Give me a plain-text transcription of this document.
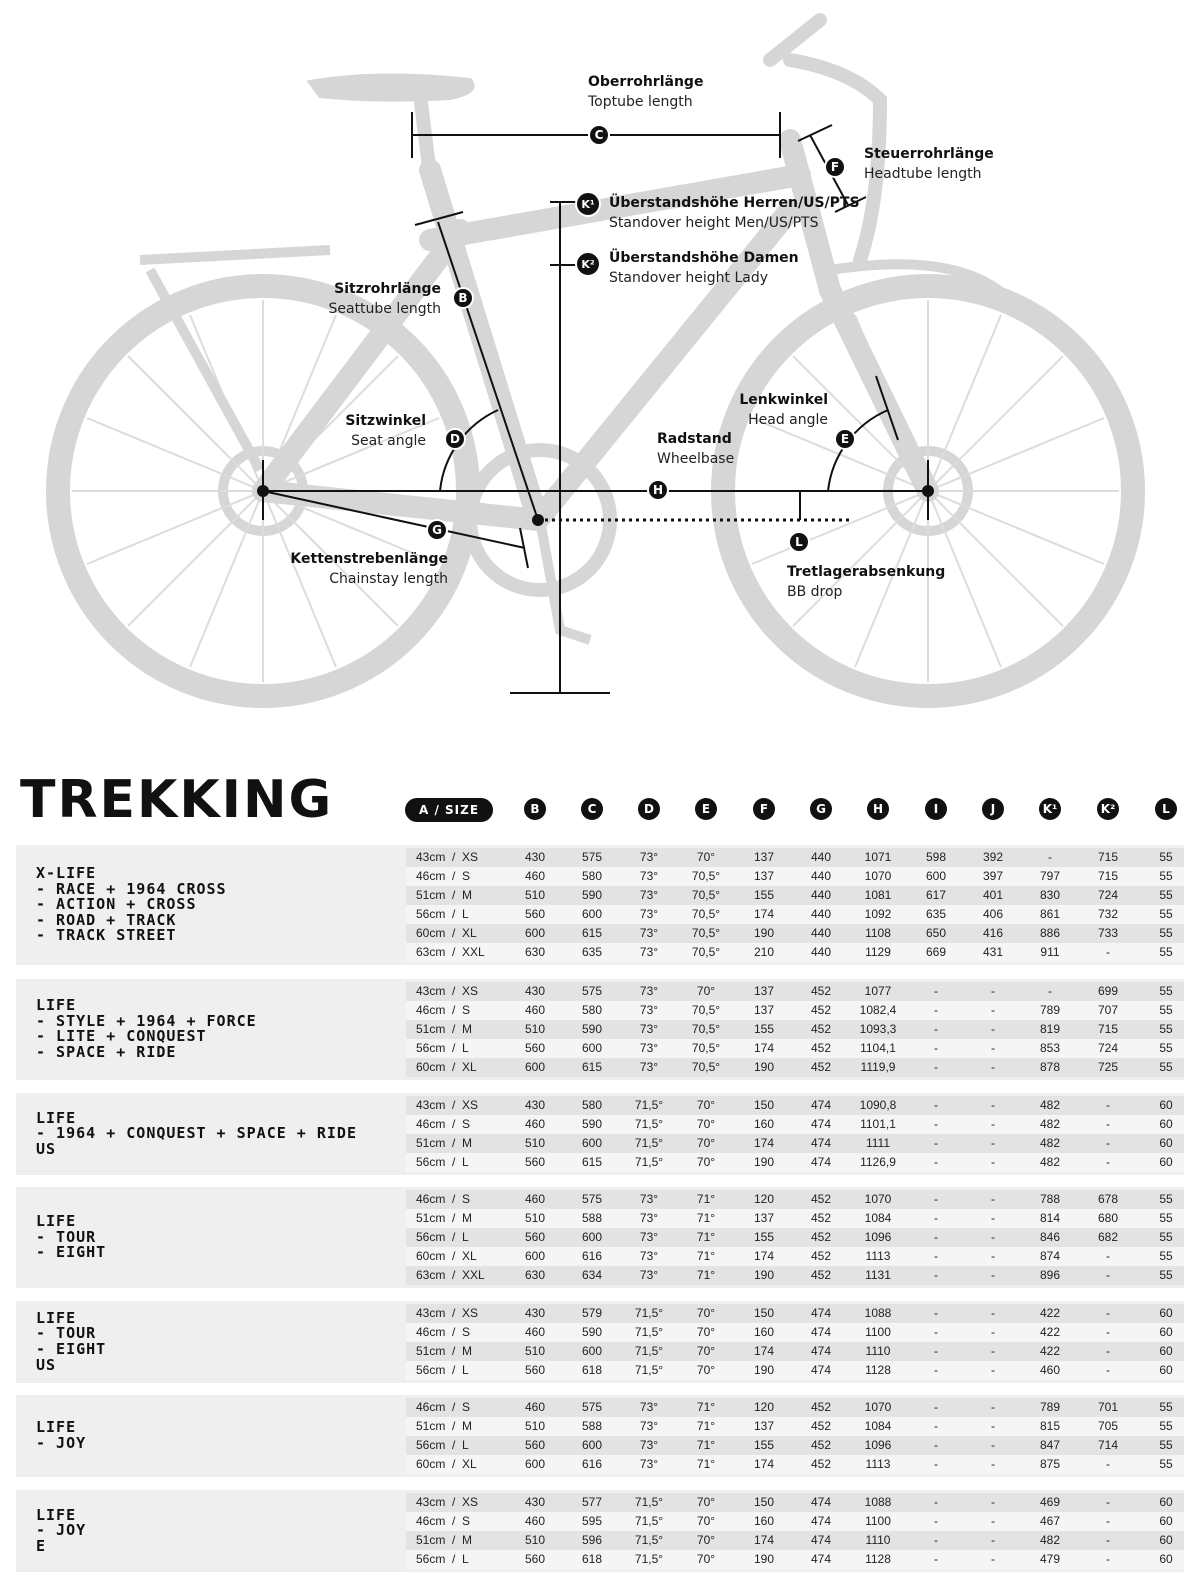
C
F
K¹
K²
B
D	E
H
G
L
Oberrohrlänge
Toptube length
Steuerrohrlänge
Headtube length
Überstandshöhe Herren/US/PTS
Standover height Men/US/PTS
Überstandshöhe Damen
Standover height Lady
Sitzrohrlänge
Seattube length
Sitzwinkel
Seat angle
Lenkwinkel
Head angle
Radstand
Wheelbase
Kettenstrebenlänge
Chainstay length	Tretlagerabsenkung
BB drop
TREKKING	A / SIZE	B	C	D	E	F	G	H	I	J	K¹	K²	L
X-LIFE
- RACE + 1964 CROSS
- ACTION + CROSS
- ROAD + TRACK
- TRACK STREET
43cm  /  XS	430	575	73°	70°	137	440	1071	598	392	-	715	55
46cm  /  S	460	580	73°	70,5°	137	440	1070	600	397	797	715	55
51cm  /  M	510	590	73°	70,5°	155	440	1081	617	401	830	724	55
56cm  /  L	560	600	73°	70,5°	174	440	1092	635	406	861	732	55
60cm  /  XL	600	615	73°	70,5°	190	440	1108	650	416	886	733	55
63cm  /  XXL	630	635	73°	70,5°	210	440	1129	669	431	911	-	55
LIFE
- STYLE + 1964 + FORCE
- LITE + CONQUEST
- SPACE + RIDE
43cm  /  XS	430	575	73°	70°	137	452	1077	-	-	-	699	55
46cm  /  S	460	580	73°	70,5°	137	452	1082,4	-	-	789	707	55
51cm  /  M	510	590	73°	70,5°	155	452	1093,3	-	-	819	715	55
56cm  /  L	560	600	73°	70,5°	174	452	1104,1	-	-	853	724	55
60cm  /  XL	600	615	73°	70,5°	190	452	1119,9	-	-	878	725	55
LIFE
- 1964 + CONQUEST + SPACE + RIDE
US
43cm  /  XS	430	580	71,5°	70°	150	474	1090,8	-	-	482	-	60
46cm  /  S	460	590	71,5°	70°	160	474	1101,1	-	-	482	-	60
51cm  /  M	510	600	71,5°	70°	174	474	1111	-	-	482	-	60
56cm  /  L	560	615	71,5°	70°	190	474	1126,9	-	-	482	-	60
LIFE
- TOUR
- EIGHT
46cm  /  S	460	575	73°	71°	120	452	1070	-	-	788	678	55
51cm  /  M	510	588	73°	71°	137	452	1084	-	-	814	680	55
56cm  /  L	560	600	73°	71°	155	452	1096	-	-	846	682	55
60cm  /  XL	600	616	73°	71°	174	452	1113	-	-	874	-	55
63cm  /  XXL	630	634	73°	71°	190	452	1131	-	-	896	-	55
LIFE
- TOUR
- EIGHT
US
43cm  /  XS	430	579	71,5°	70°	150	474	1088	-	-	422	-	60
46cm  /  S	460	590	71,5°	70°	160	474	1100	-	-	422	-	60
51cm  /  M	510	600	71,5°	70°	174	474	1110	-	-	422	-	60
56cm  /  L	560	618	71,5°	70°	190	474	1128	-	-	460	-	60
LIFE
- JOY
46cm  /  S	460	575	73°	71°	120	452	1070	-	-	789	701	55
51cm  /  M	510	588	73°	71°	137	452	1084	-	-	815	705	55
56cm  /  L	560	600	73°	71°	155	452	1096	-	-	847	714	55
60cm  /  XL	600	616	73°	71°	174	452	1113	-	-	875	-	55
LIFE
- JOY
E
43cm  /  XS	430	577	71,5°	70°	150	474	1088	-	-	469	-	60
46cm  /  S	460	595	71,5°	70°	160	474	1100	-	-	467	-	60
51cm  /  M	510	596	71,5°	70°	174	474	1110	-	-	482	-	60
56cm  /  L	560	618	71,5°	70°	190	474	1128	-	-	479	-	60
